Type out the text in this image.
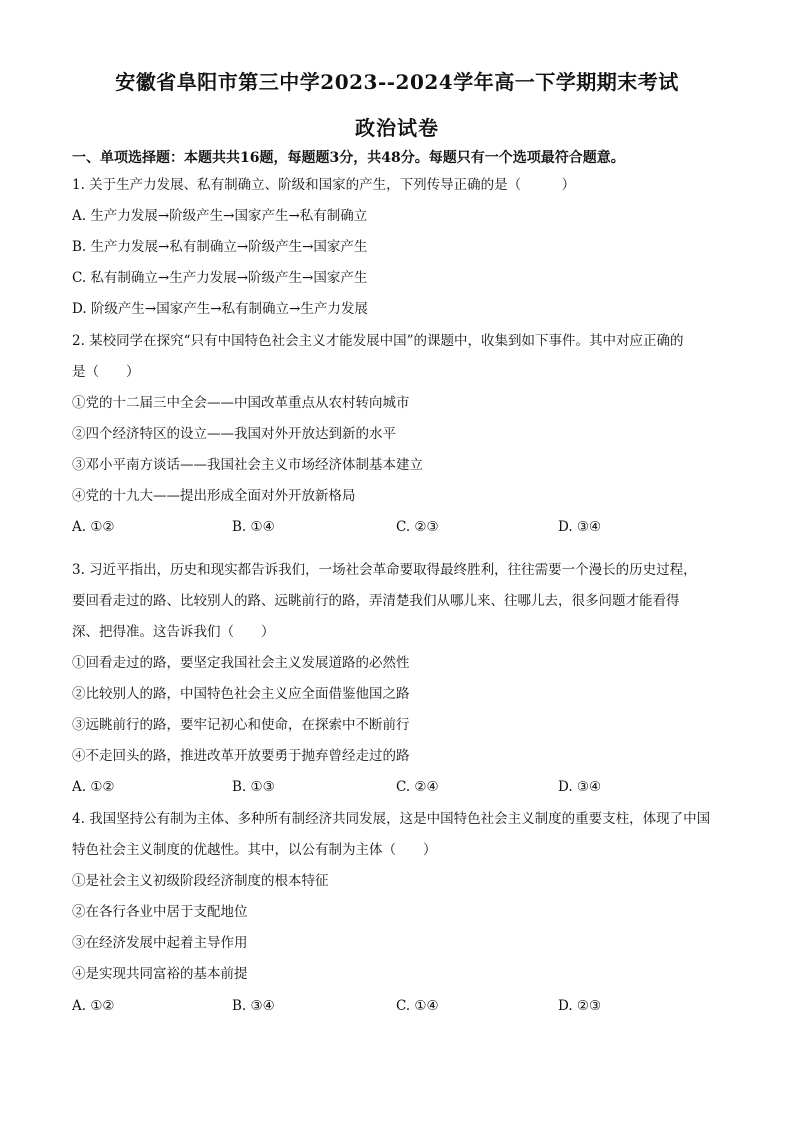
安徽省阜阳市第三中学2023--2024学年高一下学期期末考试
政治试卷
一、单项选择题：本题共共16题，每题题3分，共48分。每题只有一个选项最符合题意。
1. 关于生产力发展、私有制确立、阶级和国家的产生，下列传导正确的是（　　　）
A. 生产力发展→阶级产生→国家产生→私有制确立
B. 生产力发展→私有制确立→阶级产生→国家产生
C. 私有制确立→生产力发展→阶级产生→国家产生
D. 阶级产生→国家产生→私有制确立→生产力发展
2. 某校同学在探究“只有中国特色社会主义才能发展中国”的课题中，收集到如下事件。其中对应正确的
是（　　）
①党的十二届三中全会——中国改革重点从农村转向城市
②四个经济特区的设立——我国对外开放达到新的水平
③邓小平南方谈话——我国社会主义市场经济体制基本建立
④党的十九大——提出形成全面对外开放新格局
A. ①②	B. ①④	C. ②③	D. ③④
3. 习近平指出，历史和现实都告诉我们，一场社会革命要取得最终胜利，往往需要一个漫长的历史过程，
要回看走过的路、比较别人的路、远眺前行的路，弄清楚我们从哪儿来、往哪儿去，很多问题才能看得
深、把得准。这告诉我们（　　）
①回看走过的路，要坚定我国社会主义发展道路的必然性
②比较别人的路，中国特色社会主义应全面借鉴他国之路
③远眺前行的路，要牢记初心和使命，在探索中不断前行
④不走回头的路，推进改革开放要勇于抛弃曾经走过的路
A. ①②	B. ①③	C. ②④	D. ③④
4. 我国坚持公有制为主体、多种所有制经济共同发展，这是中国特色社会主义制度的重要支柱，体现了中国
特色社会主义制度的优越性。其中，以公有制为主体（　　）
①是社会主义初级阶段经济制度的根本特征
②在各行各业中居于支配地位
③在经济发展中起着主导作用
④是实现共同富裕的基本前提
A. ①②	B. ③④	C. ①④	D. ②③
